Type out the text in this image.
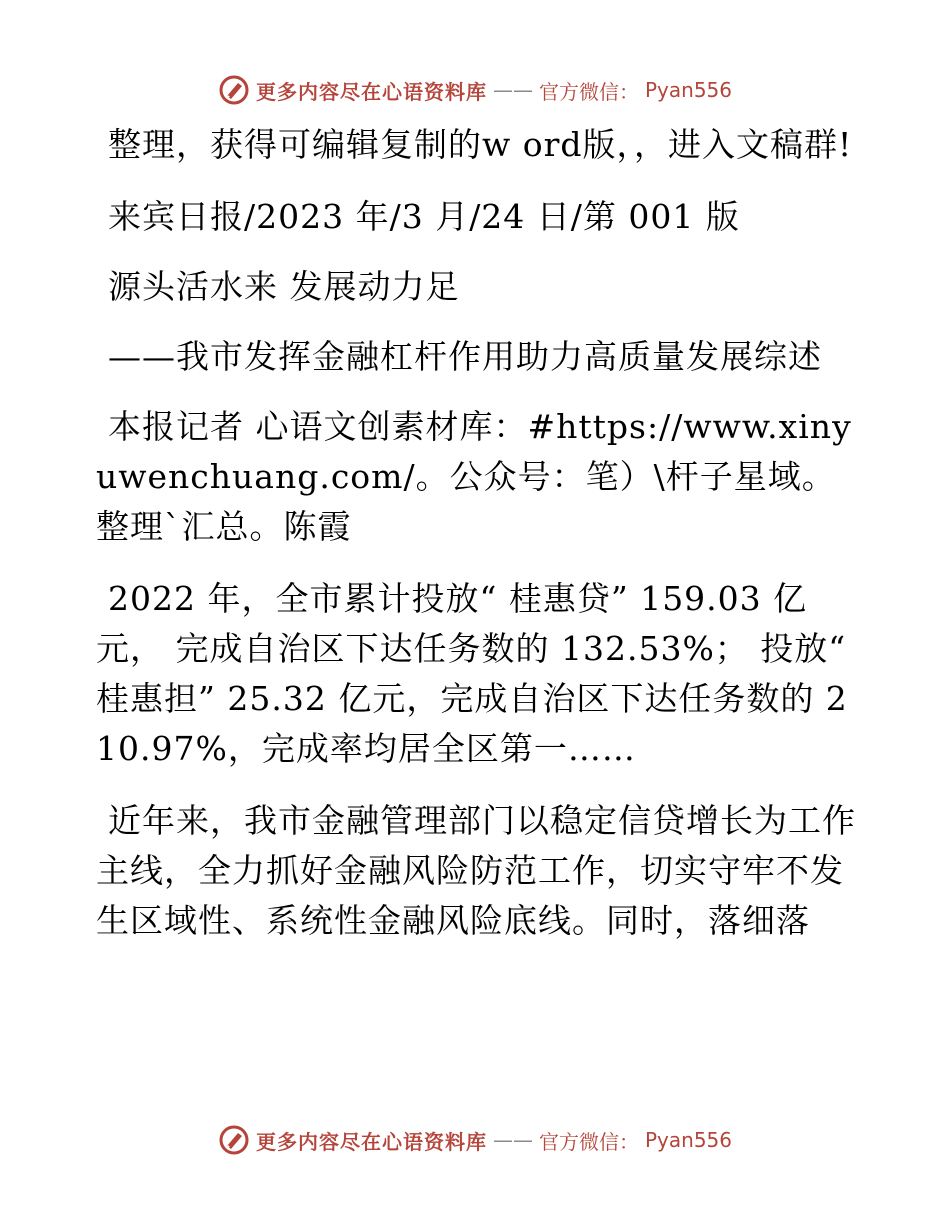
更多内容尽在心语资料库 —— 官方微信： Pyan556

整理，获得可编辑复制的w ord版，，进入文稿群!

来宾日报/2023 年/3 月/24 日/第 001 版

源头活水来 发展动力足

——我市发挥金融杠杆作用助力高质量发展综述

本报记者 心语文创素材库：#https://www.xinyuwenchuang.com/。公众号：笔）\杆子星域。整理`汇总。陈霞

2022 年，全市累计投放“ 桂惠贷” 159.03 亿元， 完成自治区下达任务数的 132.53%； 投放“ 桂惠担” 25.32 亿元，完成自治区下达任务数的 210.97%，完成率均居全区第一……

近年来，我市金融管理部门以稳定信贷增长为工作主线，全力抓好金融风险防范工作，切实守牢不发生区域性、系统性金融风险底线。同时，落细落

更多内容尽在心语资料库 —— 官方微信： Pyan556
